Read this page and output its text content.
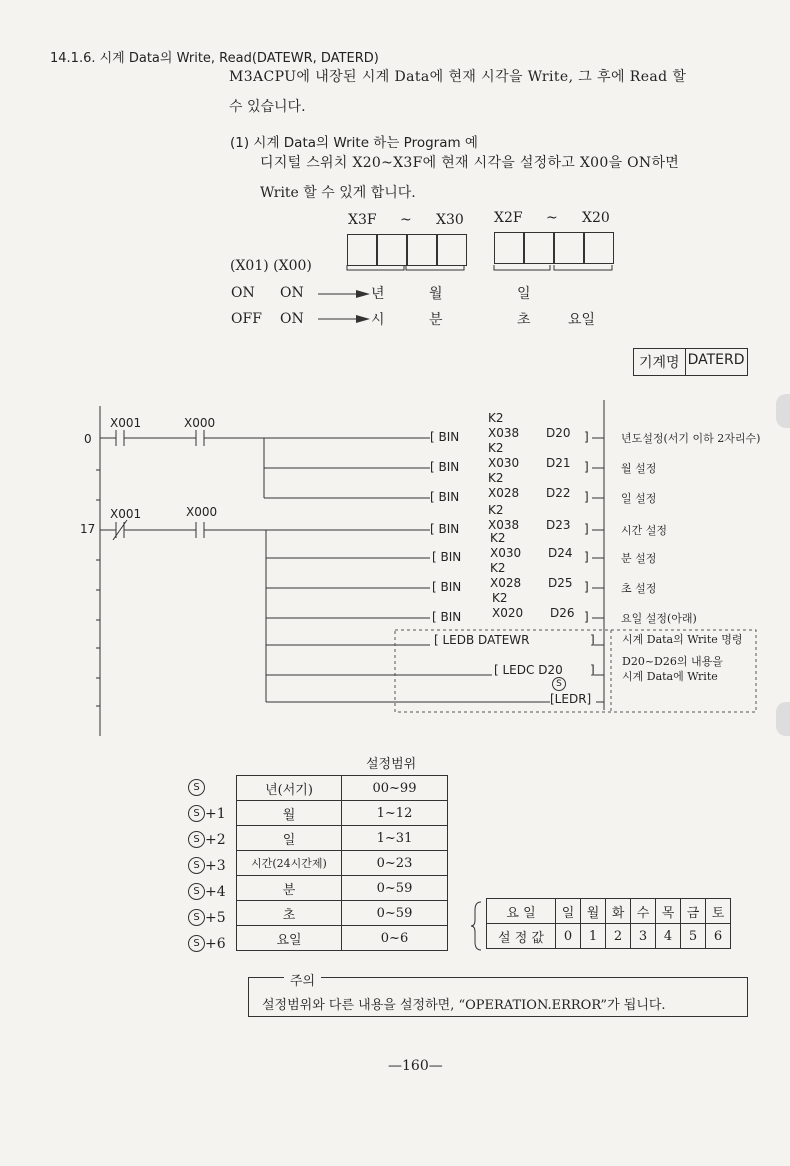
14.1.6. 시계 Data의 Write, Read(DATEWR, DATERD)
M3ACPU에 내장된 시계 Data에 현재 시각을 Write, 그 후에 Read 할
수 있습니다.
(1) 시계 Data의 Write 하는 Program 예
디지털 스위치 X20~X3F에 현재 시각을 설정하고 X00을 ON하면
Write 할 수 있게 합니다.
X3F ~ X30 X2F ~ X20
(X01) (X00)
ON ON	년	월	일
OFF ON	시	분	초	요일
기계명 DATERD
0
17
X001	X000
X001	X000
K2
[ BIN X038 D20 ]	년도설정(서기 이하 2자리수)
K2
[ BIN X030 D21 ]	월 설정
K2
[ BIN X028 D22 ]	일 설정
K2
[ BIN X038 D23 ]	시간 설정
K2
[ BIN X030 D24 ]	분 설정
K2
[ BIN X028 D25 ]	초 설정
K2
[ BIN	X020 D26 ]	요일 설정(아래)
[ LEDB DATEWR	]
[ LEDC D20 ]
S
[LEDR]
시계 Data의 Write 명령
D20~D26의 내용을
시계 Data에 Write
설정범위
S
S +1
S +2
S +3
S +4
S +5
S +6
년(서기)	00~99
월	1~12
일	1~31
시간(24시간제)	0~23
분	0~59
초	0~59
요일	0~6
요 일	일	월	화	수	목	금	토
설 정 값	0	1	2	3	4	5	6
주의
설정범위와 다른 내용을 설정하면, “OPERATION.ERROR”가 됩니다.
—160—
